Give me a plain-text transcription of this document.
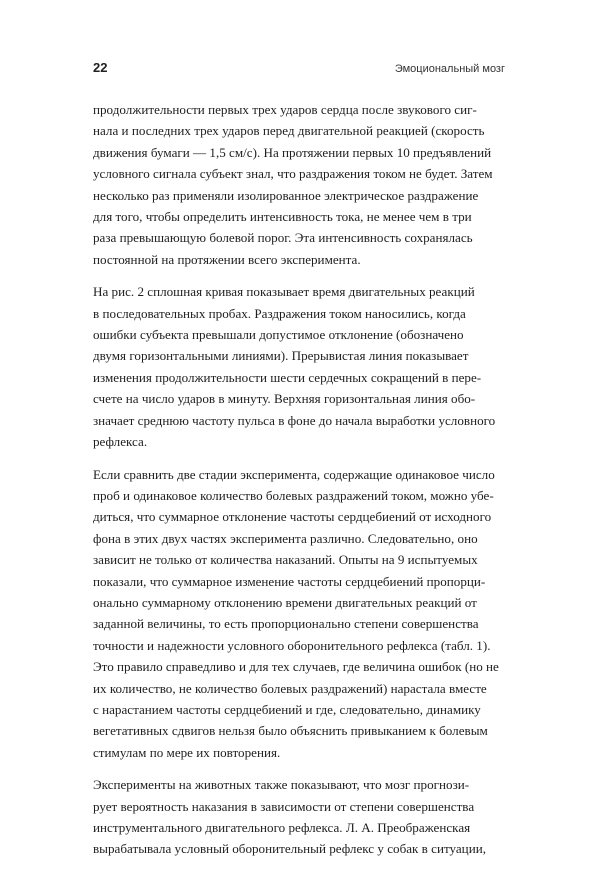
22	Эмоциональный мозг

продолжительности первых трех ударов сердца после звукового сиг-
нала и последних трех ударов перед двигательной реакцией (скорость
движения бумаги — 1,5 см/с). На протяжении первых 10 предъявлений
условного сигнала субъект знал, что раздражения током не будет. Затем
несколько раз применяли изолированное электрическое раздражение
для того, чтобы определить интенсивность тока, не менее чем в три
раза превышающую болевой порог. Эта интенсивность сохранялась
постоянной на протяжении всего эксперимента.

На рис. 2 сплошная кривая показывает время двигательных реакций
в последовательных пробах. Раздражения током наносились, когда
ошибки субъекта превышали допустимое отклонение (обозначено
двумя горизонтальными линиями). Прерывистая линия показывает
изменения продолжительности шести сердечных сокращений в пере-
счете на число ударов в минуту. Верхняя горизонтальная линия обо-
значает среднюю частоту пульса в фоне до начала выработки условного
рефлекса.

Если сравнить две стадии эксперимента, содержащие одинаковое число
проб и одинаковое количество болевых раздражений током, можно убе-
диться, что суммарное отклонение частоты сердцебиений от исходного
фона в этих двух частях эксперимента различно. Следовательно, оно
зависит не только от количества наказаний. Опыты на 9 испытуемых
показали, что суммарное изменение частоты сердцебиений пропорци-
онально суммарному отклонению времени двигательных реакций от
заданной величины, то есть пропорционально степени совершенства
точности и надежности условного оборонительного рефлекса (табл. 1).
Это правило справедливо и для тех случаев, где величина ошибок (но не
их количество, не количество болевых раздражений) нарастала вместе
с нарастанием частоты сердцебиений и где, следовательно, динамику
вегетативных сдвигов нельзя было объяснить привыканием к болевым
стимулам по мере их повторения.

Эксперименты на животных также показывают, что мозг прогнози-
рует вероятность наказания в зависимости от степени совершенства
инструментального двигательного рефлекса. Л. А. Преображенская
вырабатывала условный оборонительный рефлекс у собак в ситуации,
